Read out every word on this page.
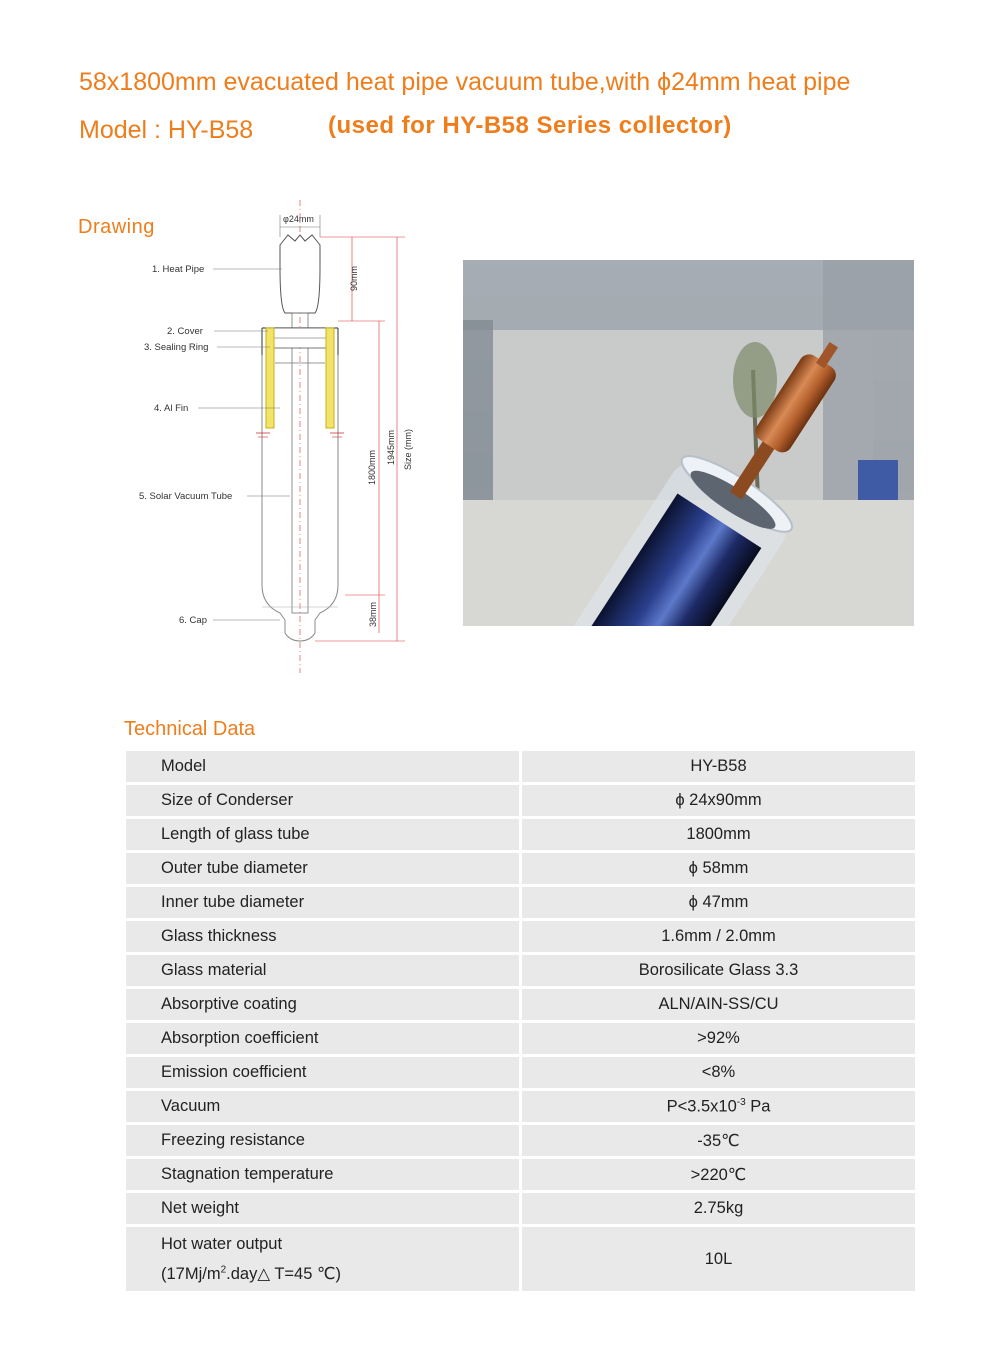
58x1800mm evacuated heat pipe vacuum tube,with ϕ24mm heat pipe
Model : HY-B58	(used for HY-B58 Series collector)
Drawing	φ24mm
90mm
1800mm
1945mm Size (mm)
38mm
1. Heat Pipe
2. Cover
3. Sealing Ring
4. Al Fin
5. Solar Vacuum Tube
6. Cap
Technical Data
Model	HY-B58
Size of Conderser	ϕ 24x90mm
Length of glass tube	1800mm
Outer tube diameter	ϕ 58mm
Inner tube diameter	ϕ 47mm
Glass thickness	1.6mm / 2.0mm
Glass material	Borosilicate Glass 3.3
Absorptive coating	ALN/AIN-SS/CU
Absorption coefficient	>92%
Emission coefficient	<8%
Vacuum	$P<3.5x10^{-3}$ Pa
Freezing resistance	-35℃
Stagnation temperature	>220℃
Net weight	2.75kg

Hot water output
($17Mj/m^2.day\triangle$ T=45 ℃)	10L
